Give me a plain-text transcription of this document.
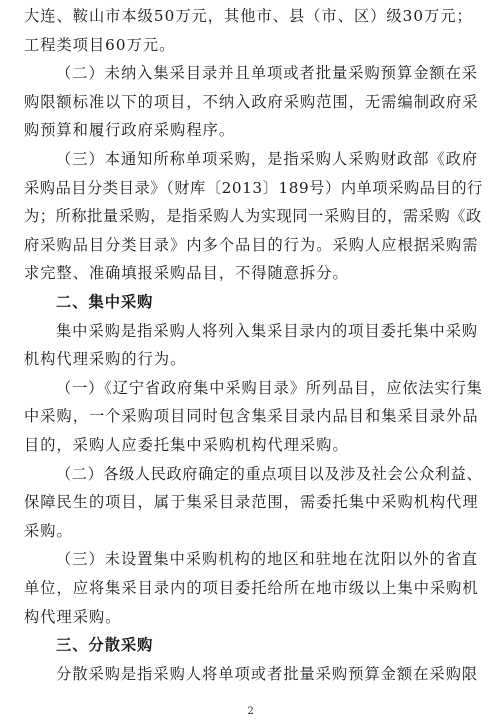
大连、鞍山市本级50万元，其他市、县（市、区）级30万元；
工程类项目60万元。
（二）未纳入集采目录并且单项或者批量采购预算金额在采
购限额标准以下的项目，不纳入政府采购范围，无需编制政府采
购预算和履行政府采购程序。
（三）本通知所称单项采购，是指采购人采购财政部《政府
采购品目分类目录》（财库〔2013〕189号）内单项采购品目的行
为；所称批量采购，是指采购人为实现同一采购目的，需采购《政
府采购品目分类目录》内多个品目的行为。采购人应根据采购需
求完整、准确填报采购品目，不得随意拆分。
二、集中采购
集中采购是指采购人将列入集采目录内的项目委托集中采购
机构代理采购的行为。
（一）《辽宁省政府集中采购目录》所列品目，应依法实行集
中采购，一个采购项目同时包含集采目录内品目和集采目录外品
目的，采购人应委托集中采购机构代理采购。
（二）各级人民政府确定的重点项目以及涉及社会公众利益、
保障民生的项目，属于集采目录范围，需委托集中采购机构代理
采购。
（三）未设置集中采购机构的地区和驻地在沈阳以外的省直
单位，应将集采目录内的项目委托给所在地市级以上集中采购机
构代理采购。
三、分散采购
分散采购是指采购人将单项或者批量采购预算金额在采购限
2
